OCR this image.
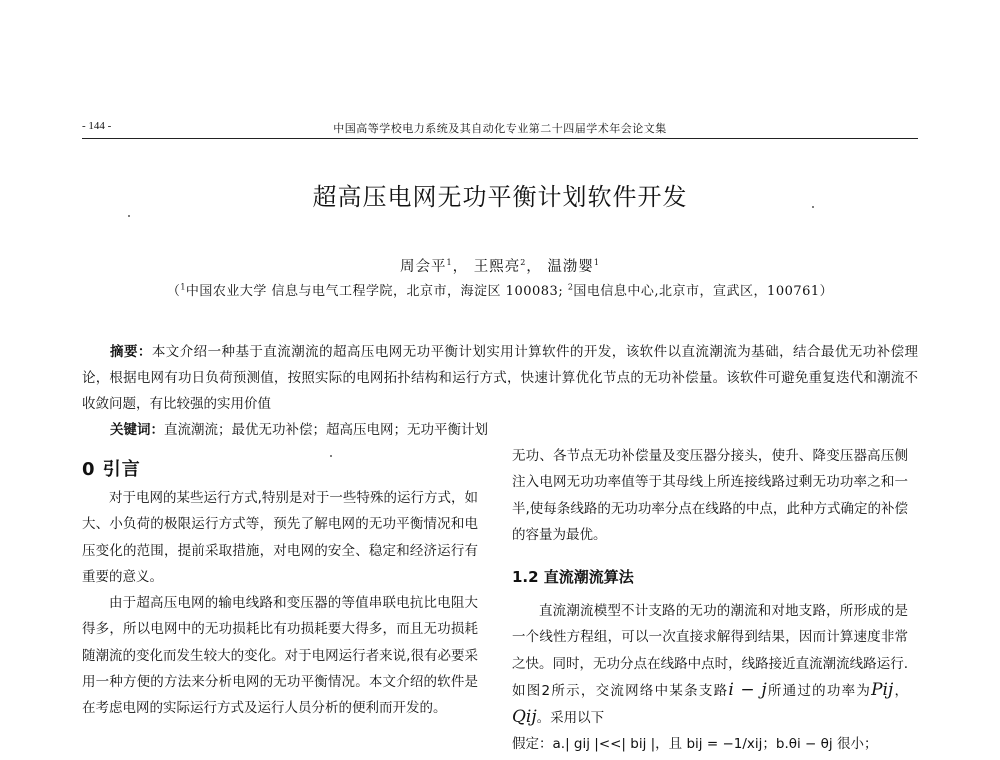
- 144 -	中国高等学校电力系统及其自动化专业第二十四届学术年会论文集
超高压电网无功平衡计划软件开发
周会平$^1$， 王熙亮$^2$， 温渤婴$^1$
（$^1$中国农业大学 信息与电气工程学院，北京市，海淀区 100083; $^2$国电信息中心,北京市，宣武区，100761）
摘要：本文介绍一种基于直流潮流的超高压电网无功平衡计划实用计算软件的开发，该软件以直流潮流为基础，结合最优无功补偿理论，根据电网有功日负荷预测值，按照实际的电网拓扑结构和运行方式，快速计算优化节点的无功补偿量。该软件可避免重复迭代和潮流不收敛问题，有比较强的实用价值
关键词：直流潮流；最优无功补偿；超高压电网；无功平衡计划
0 引言

对于电网的某些运行方式,特别是对于一些特殊的运行方式，如大、小负荷的极限运行方式等，预先了解电网的无功平衡情况和电压变化的范围，提前采取措施，对电网的安全、稳定和经济运行有重要的意义。

由于超高压电网的输电线路和变压器的等值串联电抗比电阻大得多，所以电网中的无功损耗比有功损耗要大得多，而且无功损耗随潮流的变化而发生较大的变化。对于电网运行者来说,很有必要采用一种方便的方法来分析电网的无功平衡情况。本文介绍的软件是在考虑电网的实际运行方式及运行人员分析的便利而开发的。

无功、各节点无功补偿量及变压器分接头，使升、降变压器高压侧注入电网无功功率值等于其母线上所连接线路过剩无功功率之和一半,使每条线路的无功功率分点在线路的中点，此种方式确定的补偿的容量为最优。

1.2 直流潮流算法

直流潮流模型不计支路的无功的潮流和对地支路，所形成的是一个线性方程组，可以一次直接求解得到结果，因而计算速度非常之快。同时，无功分点在线路中点时，线路接近直流潮流线路运行.如图2所示，交流网络中某条支路i − j所通过的功率为Pij，Qij。采用以下

假定：a.| gij |<<| bij |，且 bij = −1/xij；b.θi − θj 很小；
